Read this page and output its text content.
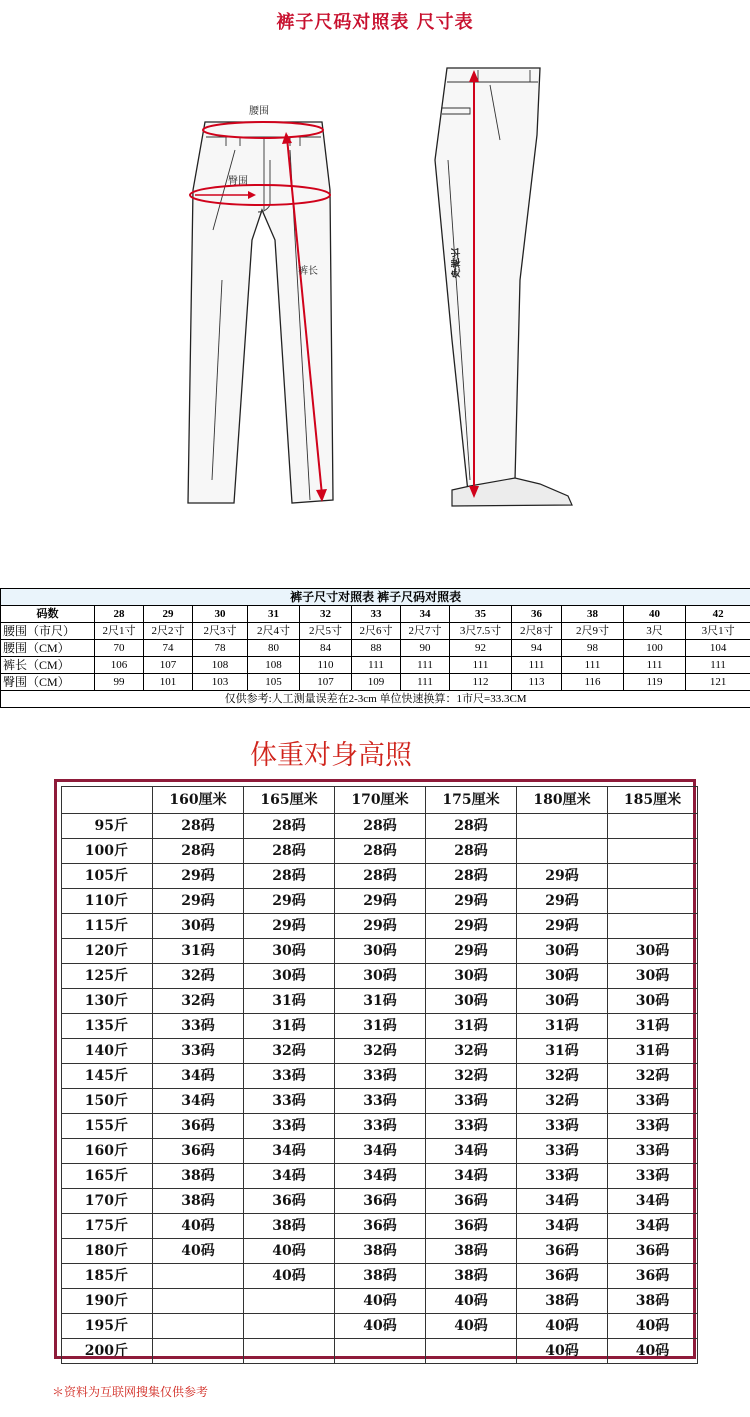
裤子尺码对照表 尺寸表
腰围
臀围
裤长	净裤长
裤子尺寸对照表 裤子尺码对照表												
码数	28	29	30	31	32	33	34	35	36	38	40	42
腰围（市尺）	2尺1寸	2尺2寸	2尺3寸	2尺4寸	2尺5寸	2尺6寸	2尺7寸	3尺7.5寸	2尺8寸	2尺9寸	3尺	3尺1寸
腰围（CM）	70	74	78	80	84	88	90	92	94	98	100	104
裤长（CM）	106	107	108	108	110	111	111	111	111	111	111	111
臀围（CM）	99	101	103	105	107	109	111	112	113	116	119	121
仅供参考:人工测量误差在2-3cm 单位快速换算：1市尺=33.3CM												
体重对身高照
	160厘米	165厘米	170厘米	175厘米	180厘米	185厘米
95斤	28码	28码	28码	28码		
100斤	28码	28码	28码	28码		
105斤	29码	28码	28码	28码	29码	
110斤	29码	29码	29码	29码	29码	
115斤	30码	29码	29码	29码	29码	
120斤	31码	30码	30码	29码	30码	30码
125斤	32码	30码	30码	30码	30码	30码
130斤	32码	31码	31码	30码	30码	30码
135斤	33码	31码	31码	31码	31码	31码
140斤	33码	32码	32码	32码	31码	31码
145斤	34码	33码	33码	32码	32码	32码
150斤	34码	33码	33码	33码	32码	33码
155斤	36码	33码	33码	33码	33码	33码
160斤	36码	34码	34码	34码	33码	33码
165斤	38码	34码	34码	34码	33码	33码
170斤	38码	36码	36码	36码	34码	34码
175斤	40码	38码	36码	36码	34码	34码
180斤	40码	40码	38码	38码	36码	36码
185斤		40码	38码	38码	36码	36码
190斤			40码	40码	38码	38码
195斤			40码	40码	40码	40码
200斤					40码	40码
＊资料为互联网搜集仅供参考
